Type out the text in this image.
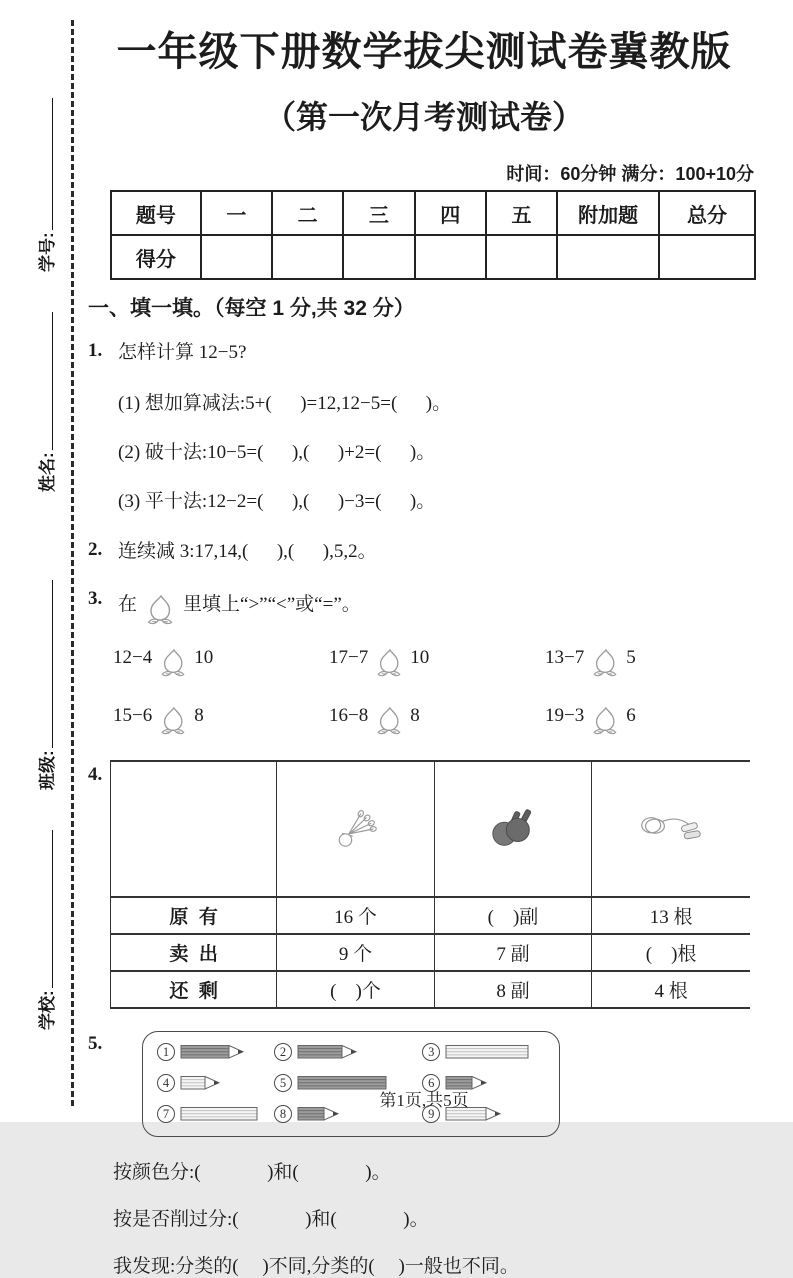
学号:
姓名:
班级:
学校:
一年级下册数学拔尖测试卷冀教版
（第一次月考测试卷）
时间：60分钟 满分：100+10分
题号	一	二	三	四	五	附加题	总分
得分							
一、填一填。（每空 1 分,共 32 分）
1. 怎样计算 12−5?
(1) 想加算减法:5+(      )=12,12−5=(      )。
(2) 破十法:10−5=(      ),(      )+2=(      )。
(3) 平十法:12−2=(      ),(      )−3=(      )。
2. 连续减 3:17,14,(      ),(      ),5,2。
3. 在 里填上“>”“<”或“=”。
12−4 10	17−7 10	13−7 5
15−6 8	16−8 8	19−3 6
4.

原  有	16 个	(    )副	13 根
卖  出	9 个	7 副	(    )根
还  剩	(    )个	8 副	4 根
5.	1	2	3
4	5	6
7	8	9
按颜色分:(              )和(              )。
按是否削过分:(              )和(              )。
我发现:分类的(     )不同,分类的(     )一般也不同。
第1页,共5页
